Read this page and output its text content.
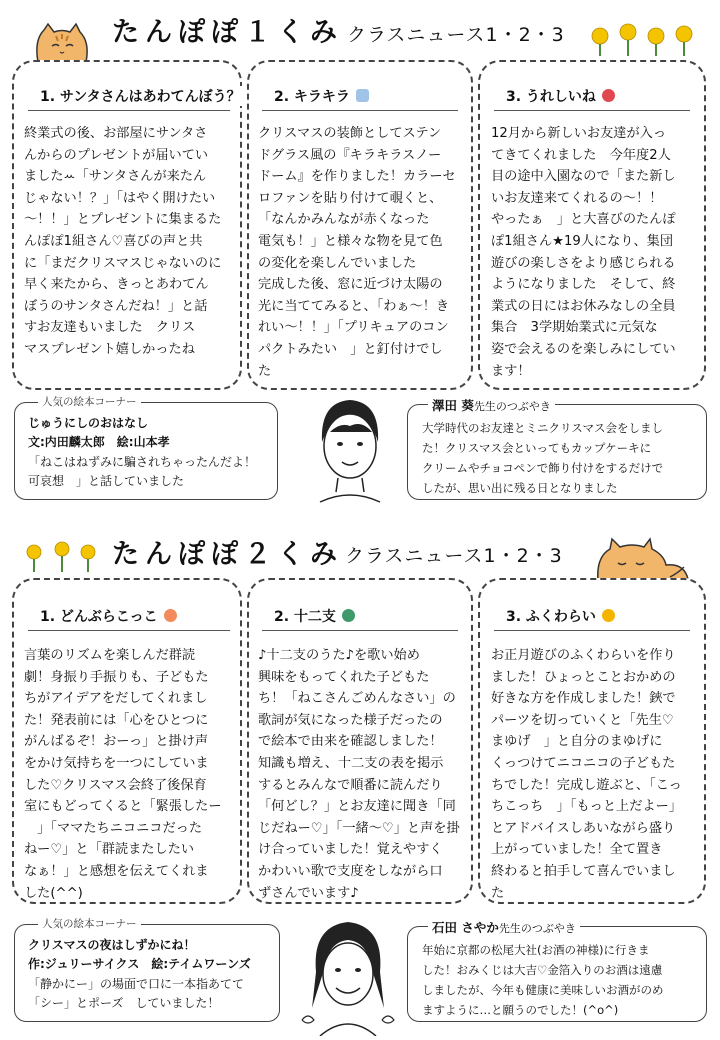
たんぽぽ１くみ クラスニュース1・2・3
1. サンタさんはあわてんぼう？
終業式の後、お部屋にサンタさ
んからのプレゼントが届いてい
ましたꕀ「サンタさんが来たん
じゃない！？」「はやく開けたい
～！！」とプレゼントに集まるた
んぽぽ1組さん♡喜びの声と共
に「まだクリスマスじゃないのに
早く来たから、きっとあわてん
ぼうのサンタさんだね！」と話
すお友達もいました　クリス
マスプレゼント嬉しかったね
2. キラキラ
クリスマスの装飾としてステン
ドグラス風の『キラキラスノー
ドーム』を作りました！カラーセ
ロファンを貼り付けて覗くと、
「なんかみんなが赤くなった
電気も！」と様々な物を見て色
の変化を楽しんでいました
完成した後、窓に近づけ太陽の
光に当ててみると、「わぁ～！き
れい～！！」「プリキュアのコン
パクトみたい　」と釘付けでし
た
3. うれしいね
12月から新しいお友達が入っ
てきてくれました　今年度2人
目の途中入園なので「また新し
いお友達来てくれるの～！！
やったぁ　」と大喜びのたんぽ
ぽ1組さん★19人になり、集団
遊びの楽しさをより感じられる
ようになりました　そして、終
業式の日にはお休みなしの全員
集合　3学期始業式に元気な
姿で会えるのを楽しみにしてい
ます！
人気の絵本コーナー
じゅうにしのおはなし
文:内田麟太郎　絵:山本孝
「ねこはねずみに騙されちゃったんだよ！
可哀想　」と話していました
澤田 葵先生のつぶやき
大学時代のお友達とミニクリスマス会をしまし
た！クリスマス会といってもカップケーキに
クリームやチョコペンで飾り付けをするだけで
したが、思い出に残る日となりました
たんぽぽ２くみ クラスニュース1・2・3
1. どんぶらこっこ
言葉のリズムを楽しんだ群読
劇！身振り手振りも、子どもた
ちがアイデアをだしてくれまし
た！発表前には「心をひとつに
がんばるぞ！おーっ」と掛け声
をかけ気持ちを一つにしていま
した♡クリスマス会終了後保育
室にもどってくると「緊張したー
　」「ママたちニコニコだった
ねー♡」と「群読またしたい
なぁ！」と感想を伝えてくれま
した(^^)
2. 十二支
♪十二支のうた♪を歌い始め
興味をもってくれた子どもた
ち！「ねこさんごめんなさい」の
歌詞が気になった様子だったの
で絵本で由来を確認しました！
知識も増え、十二支の表を掲示
するとみんなで順番に読んだり
「何どし？」とお友達に聞き「同
じだねー♡」「一緒～♡」と声を掛
け合っていました！覚えやすく
かわいい歌で支度をしながら口
ずさんでいます♪
3. ふくわらい
お正月遊びのふくわらいを作り
ました！ひょっとことおかめの
好きな方を作成しました！鋏で
パーツを切っていくと「先生♡
まゆげ　」と自分のまゆげに
くっつけてニコニコの子どもた
ちでした！完成し遊ぶと、「こっ
ちこっち　」「もっと上だよー」
とアドバイスしあいながら盛り
上がっていました！全て置き
終わると拍手して喜んでいまし
た
人気の絵本コーナー
クリスマスの夜はしずかにね！
作:ジュリーサイクス　絵:テイムワーンズ
「静かにー」の場面で口に一本指あてて
「シー」とポーズ　していました！
石田 さやか先生のつぶやき
年始に京都の松尾大社(お酒の神様)に行きま
した！おみくじは大吉♡金箔入りのお酒は遠慮
しましたが、今年も健康に美味しいお酒がのめ
ますように…と願うのでした！(^o^)
